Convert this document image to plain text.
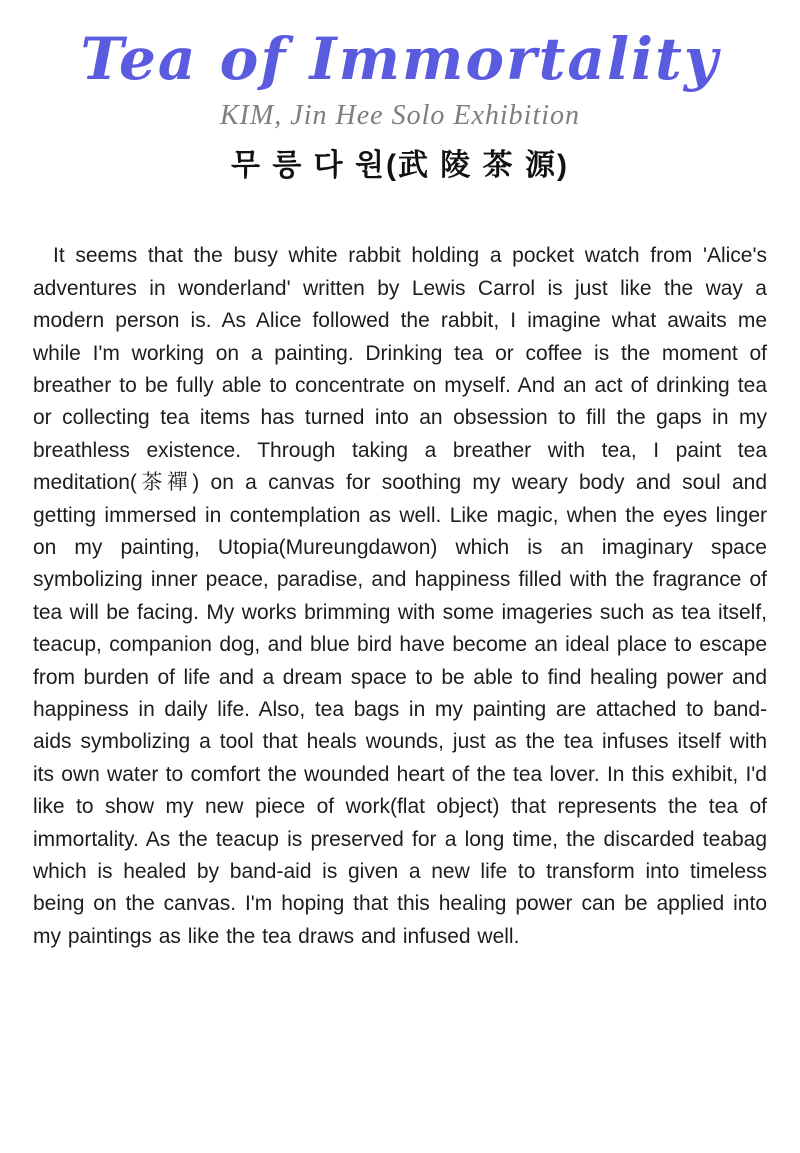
Tea of Immortality
KIM, Jin Hee Solo Exhibition
무 릉 다 원(武 陵 茶 源)

It seems that the busy white rabbit holding a pocket watch from 'Alice's adventures in wonderland' written by Lewis Carrol is just like the way a modern person is. As Alice followed the rabbit, I imagine what awaits me while I'm working on a painting. Drinking tea or coffee is the moment of breather to be fully able to concentrate on myself. And an act of drinking tea or collecting tea items has turned into an obsession to fill the gaps in my breathless existence. Through taking a breather with tea, I paint tea meditation(茶禪) on a canvas for soothing my weary body and soul and getting immersed in contemplation as well. Like magic, when the eyes linger on my painting, Utopia(Mureungdawon) which is an imaginary space symbolizing inner peace, paradise, and happiness filled with the fragrance of tea will be facing. My works brimming with some imageries such as tea itself, teacup, companion dog, and blue bird have become an ideal place to escape from burden of life and a dream space to be able to find healing power and happiness in daily life. Also, tea bags in my painting are attached to band-aids symbolizing a tool that heals wounds, just as the tea infuses itself with its own water to comfort the wounded heart of the tea lover. In this exhibit, I'd like to show my new piece of work(flat object) that represents the tea of immortality. As the teacup is preserved for a long time, the discarded teabag which is healed by band-aid is given a new life to transform into timeless being on the canvas. I'm hoping that this healing power can be applied into my paintings as like the tea draws and infused well.
